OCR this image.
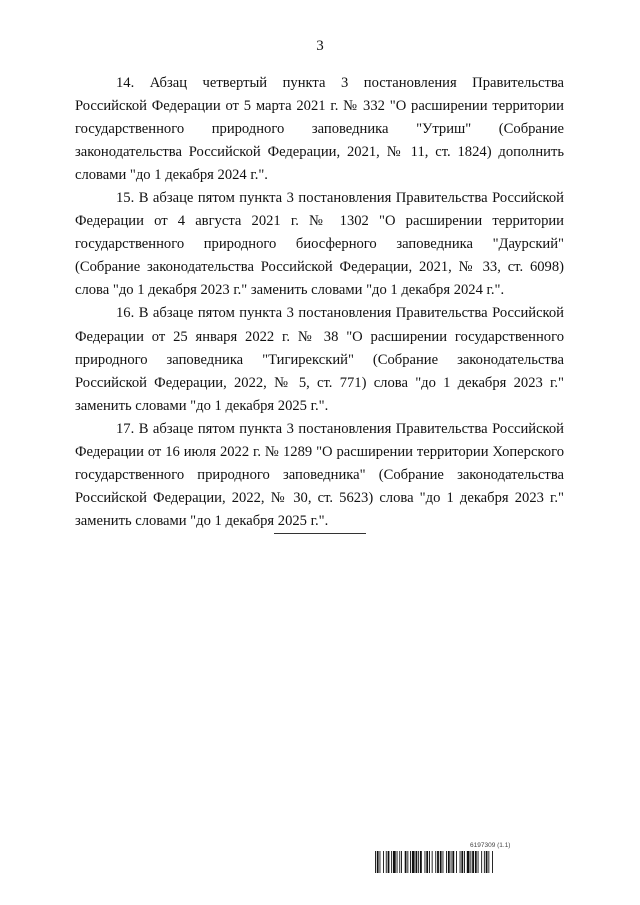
3

14. Абзац четвертый пункта 3 постановления Правительства Российской Федерации от 5 марта 2021 г. № 332 "О расширении территории государственного природного заповедника "Утриш" (Собрание законодательства Российской Федерации, 2021, № 11, ст. 1824) дополнить словами "до 1 декабря 2024 г.".

15. В абзаце пятом пункта 3 постановления Правительства Российской Федерации от 4 августа 2021 г. № 1302 "О расширении территории государственного природного биосферного заповедника "Даурский" (Собрание законодательства Российской Федерации, 2021, № 33, ст. 6098) слова "до 1 декабря 2023 г." заменить словами "до 1 декабря 2024 г.".

16. В абзаце пятом пункта 3 постановления Правительства Российской Федерации от 25 января 2022 г. № 38 "О расширении государственного природного заповедника "Тигирекский" (Собрание законодательства Российской Федерации, 2022, № 5, ст. 771) слова "до 1 декабря 2023 г." заменить словами "до 1 декабря 2025 г.".

17. В абзаце пятом пункта 3 постановления Правительства Российской Федерации от 16 июля 2022 г. № 1289 "О расширении территории Хоперского государственного природного заповедника" (Собрание законодательства Российской Федерации, 2022, № 30, ст. 5623) слова "до 1 декабря 2023 г." заменить словами "до 1 декабря 2025 г.".

6197309 (1.1)
